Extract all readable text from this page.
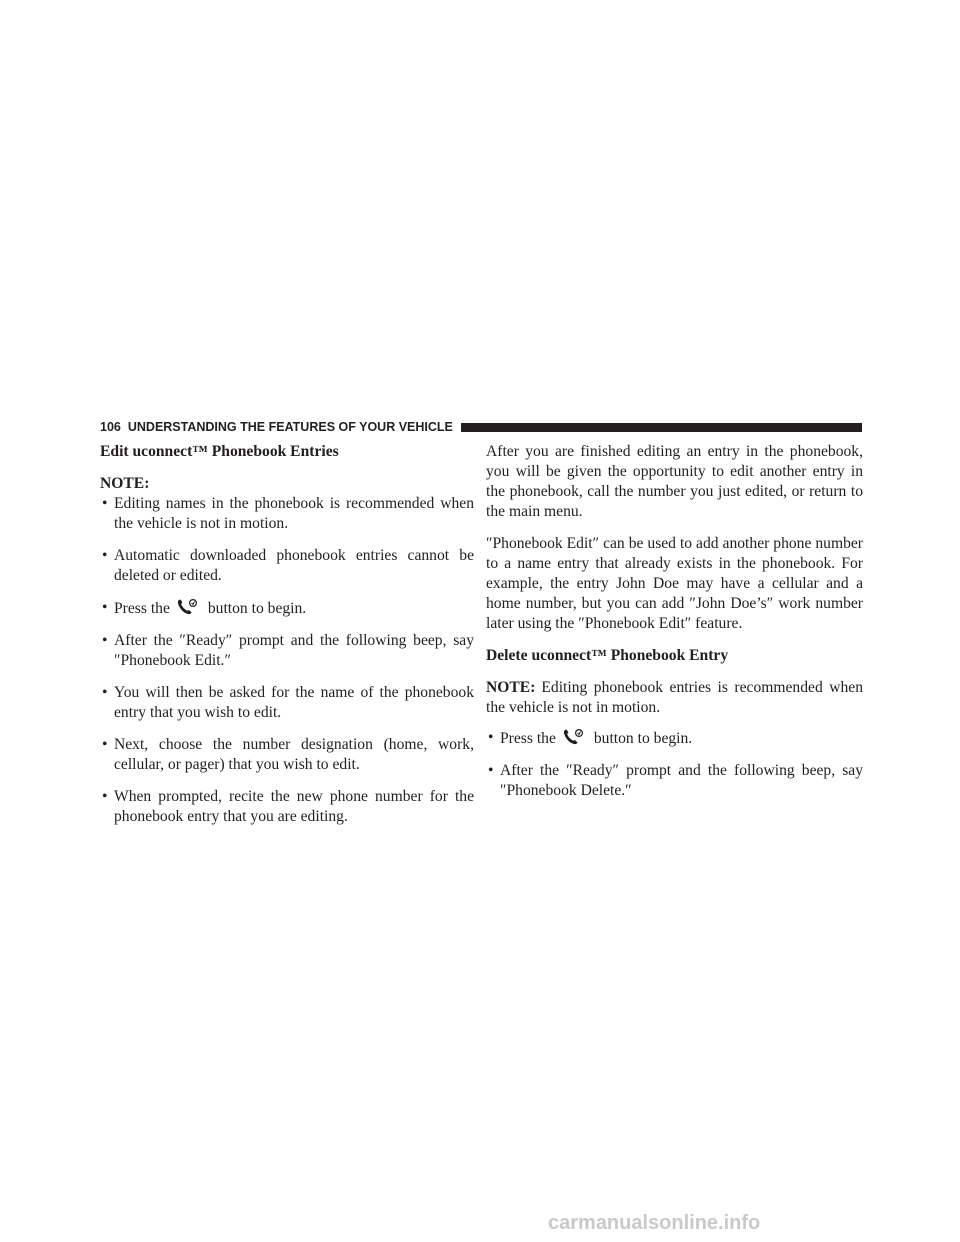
106 UNDERSTANDING THE FEATURES OF YOUR VEHICLE

Edit uconnect™ Phonebook Entries

NOTE:

• Editing names in the phonebook is recommended when the vehicle is not in motion.
• Automatic downloaded phonebook entries cannot be deleted or edited.
• Press the button to begin.
• After the ″Ready″ prompt and the following beep, say ″Phonebook Edit.″
• You will then be asked for the name of the phonebook entry that you wish to edit.
• Next, choose the number designation (home, work, cellular, or pager) that you wish to edit.
• When prompted, recite the new phone number for the phonebook entry that you are editing.

After you are finished editing an entry in the phonebook, you will be given the opportunity to edit another entry in the phonebook, call the number you just edited, or return to the main menu.

″Phonebook Edit″ can be used to add another phone number to a name entry that already exists in the phonebook. For example, the entry John Doe may have a cellular and a home number, but you can add ″John Doe’s″ work number later using the ″Phonebook Edit″ feature.

Delete uconnect™ Phonebook Entry

NOTE: Editing phonebook entries is recommended when the vehicle is not in motion.

• Press the button to begin.
• After the ″Ready″ prompt and the following beep, say ″Phonebook Delete.″
carmanualsonline.info
